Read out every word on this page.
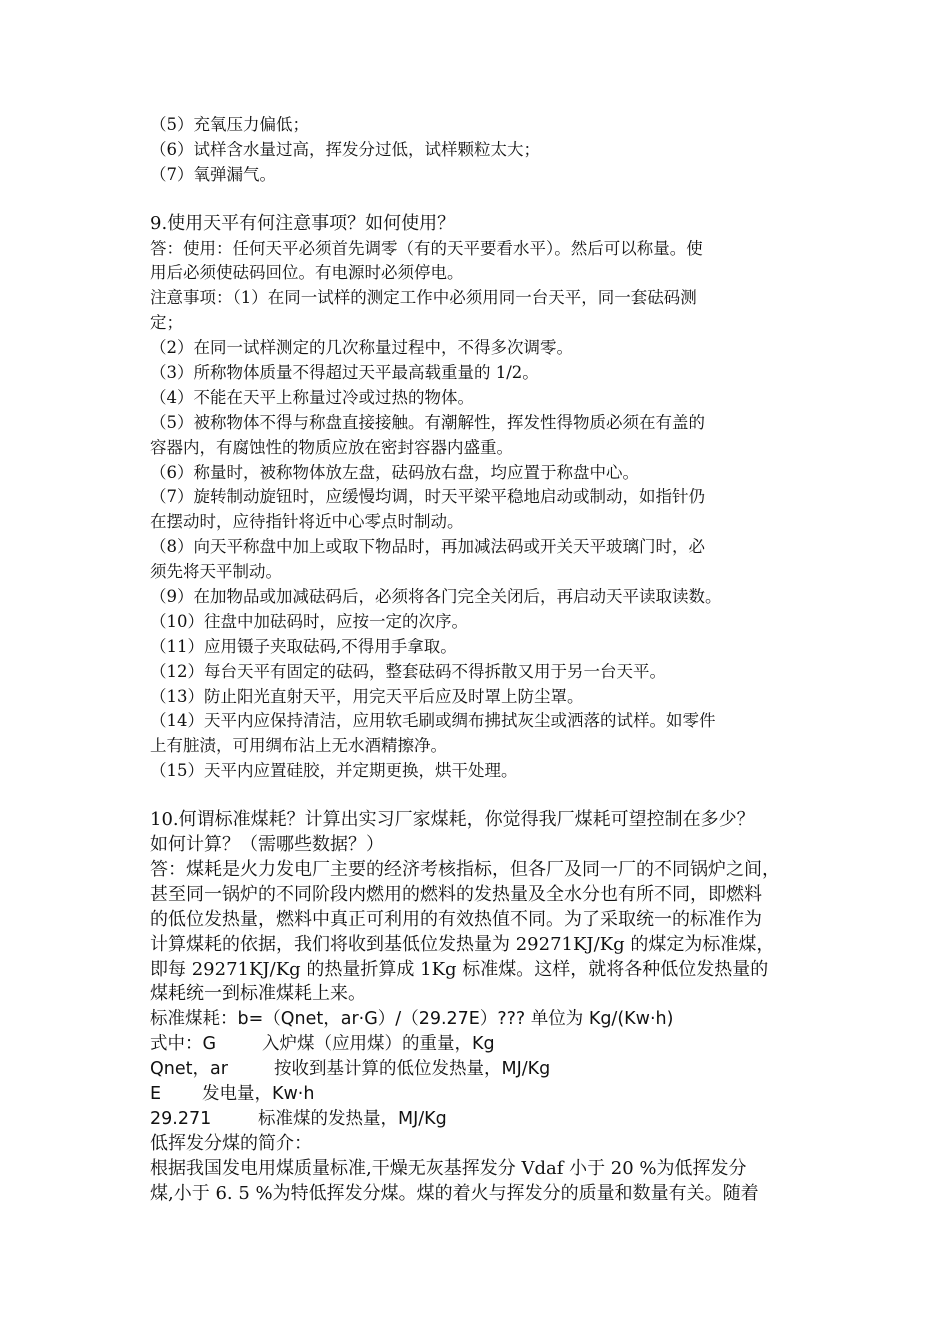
（5）充氧压力偏低；
（6）试样含水量过高，挥发分过低，试样颗粒太大；
（7）氧弹漏气。
9.使用天平有何注意事项？如何使用？
答：使用：任何天平必须首先调零（有的天平要看水平）。然后可以称量。使
用后必须使砝码回位。有电源时必须停电。
注意事项：（1）在同一试样的测定工作中必须用同一台天平，同一套砝码测
定；
（2）在同一试样测定的几次称量过程中，不得多次调零。
（3）所称物体质量不得超过天平最高载重量的 1/2。
（4）不能在天平上称量过冷或过热的物体。
（5）被称物体不得与称盘直接接触。有潮解性，挥发性得物质必须在有盖的
容器内，有腐蚀性的物质应放在密封容器内盛重。
（6）称量时，被称物体放左盘，砝码放右盘，均应置于称盘中心。
（7）旋转制动旋钮时，应缓慢均调，时天平梁平稳地启动或制动，如指针仍
在摆动时，应待指针将近中心零点时制动。
（8）向天平称盘中加上或取下物品时，再加减法码或开关天平玻璃门时，必
须先将天平制动。
（9）在加物品或加减砝码后，必须将各门完全关闭后，再启动天平读取读数。
（10）往盘中加砝码时，应按一定的次序。
（11）应用镊子夹取砝码,不得用手拿取。
（12）每台天平有固定的砝码，整套砝码不得拆散又用于另一台天平。
（13）防止阳光直射天平，用完天平后应及时罩上防尘罩。
（14）天平内应保持清洁，应用软毛刷或绸布拂拭灰尘或洒落的试样。如零件
上有脏渍，可用绸布沾上无水酒精擦净。
（15）天平内应置硅胶，并定期更换，烘干处理。
10.何谓标准煤耗？计算出实习厂家煤耗，你觉得我厂煤耗可望控制在多少？
如何计算？（需哪些数据？）
答：煤耗是火力发电厂主要的经济考核指标，但各厂及同一厂的不同锅炉之间，
甚至同一锅炉的不同阶段内燃用的燃料的发热量及全水分也有所不同，即燃料
的低位发热量，燃料中真正可利用的有效热值不同。为了采取统一的标准作为
计算煤耗的依据，我们将收到基低位发热量为 29271KJ/Kg 的煤定为标准煤，
即每 29271KJ/Kg 的热量折算成 1Kg 标准煤。这样，就将各种低位发热量的
煤耗统一到标准煤耗上来。
标准煤耗：b=（Qnet，ar·G）/（29.27E）??? 单位为 Kg/(Kw·h)
式中：G	入炉煤（应用煤）的重量，Kg
Qnet，ar	按收到基计算的低位发热量，MJ/Kg
E 发电量，Kw·h
29.271	标准煤的发热量，MJ/Kg
低挥发分煤的简介：
根据我国发电用煤质量标准,干燥无灰基挥发分 Vdaf 小于 20 %为低挥发分
煤,小于 6. 5 %为特低挥发分煤。煤的着火与挥发分的质量和数量有关。随着
